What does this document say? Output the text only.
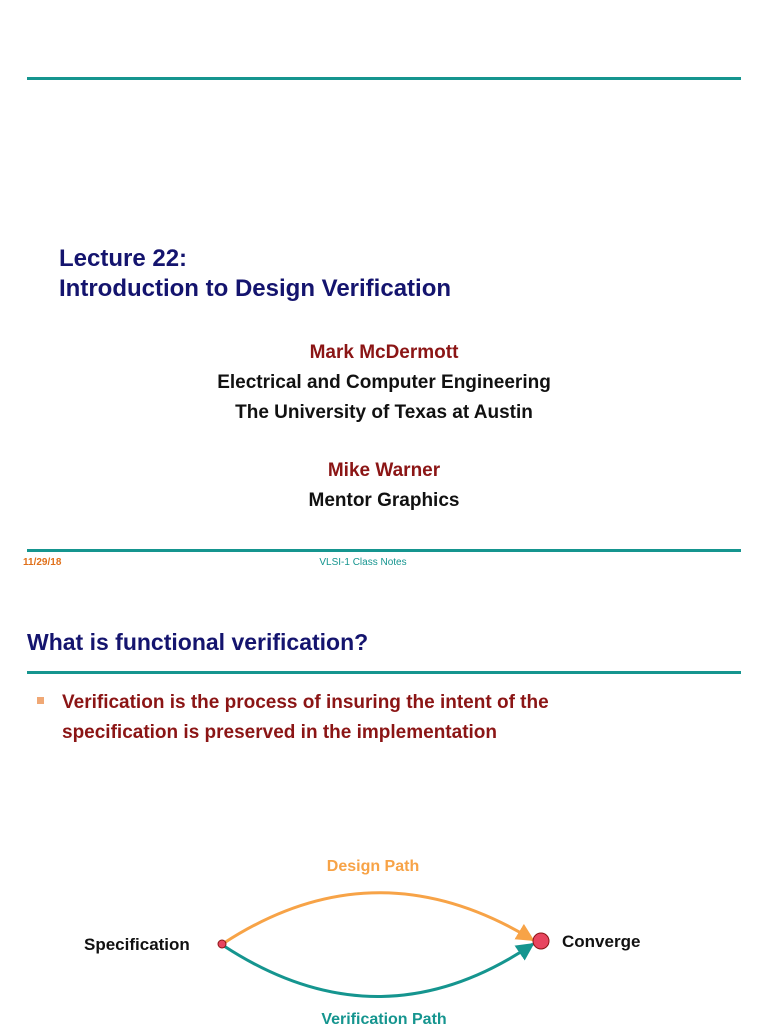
Lecture 22:
Introduction to Design Verification
Mark McDermott
Electrical and Computer Engineering
The University of Texas at Austin
Mike Warner
Mentor Graphics
11/29/18	VLSI-1 Class Notes
What is functional verification?
Verification is the process of insuring the intent of the
specification is preserved in the implementation
Design Path
Specification	Converge
Verification Path
